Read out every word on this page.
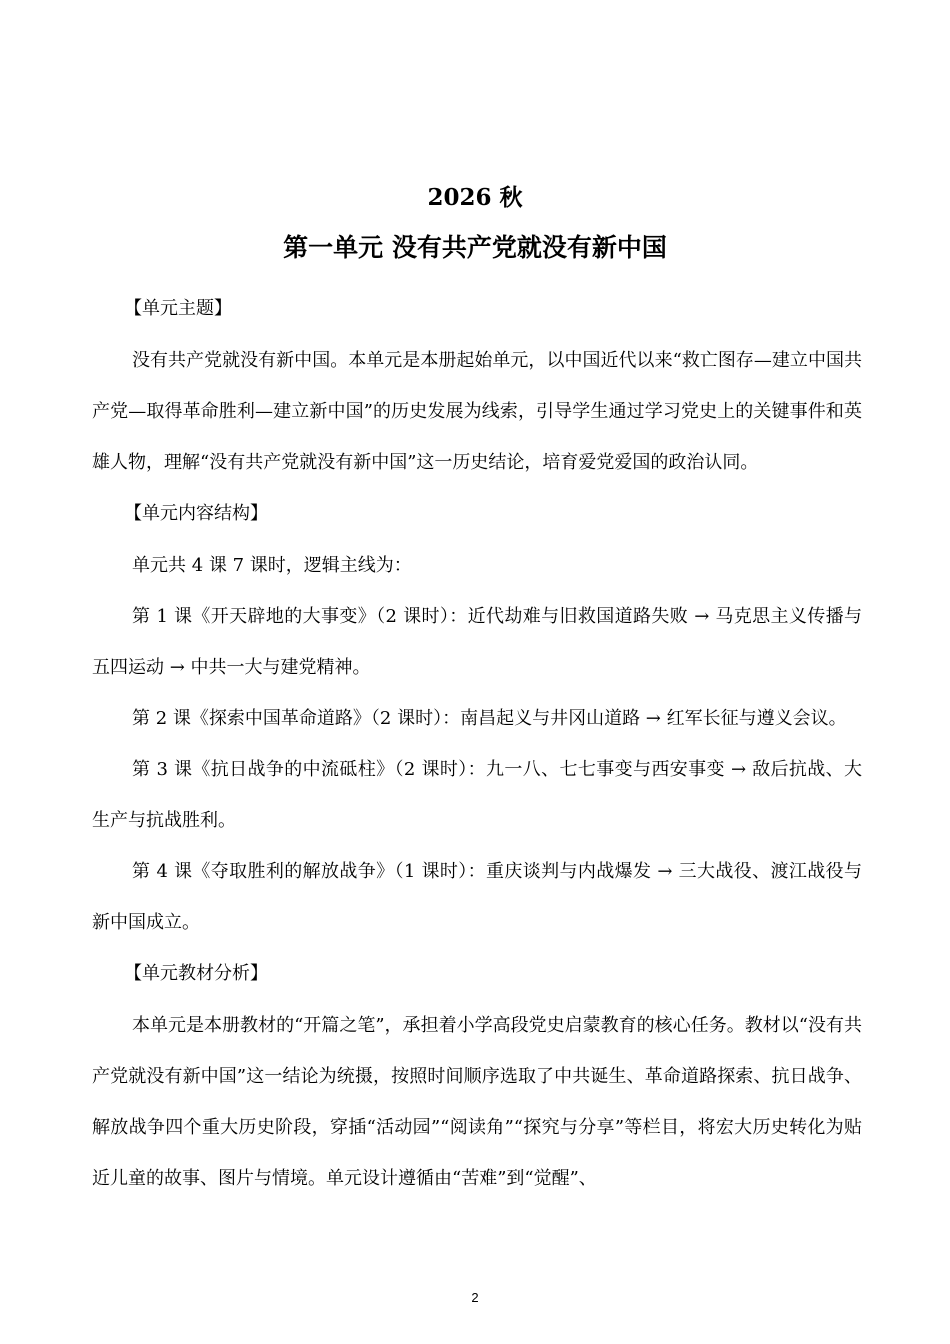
2026 秋
第一单元 没有共产党就没有新中国

【单元主题】

没有共产党就没有新中国。本单元是本册起始单元，以中国近代以来“救亡图存—建立中国共产党—取得革命胜利—建立新中国”的历史发展为线索，引导学生通过学习党史上的关键事件和英雄人物，理解“没有共产党就没有新中国”这一历史结论，培育爱党爱国的政治认同。

【单元内容结构】

单元共 4 课 7 课时，逻辑主线为：

第 1 课《开天辟地的大事变》（2 课时）：近代劫难与旧救国道路失败 → 马克思主义传播与五四运动 → 中共一大与建党精神。

第 2 课《探索中国革命道路》（2 课时）：南昌起义与井冈山道路 → 红军长征与遵义会议。

第 3 课《抗日战争的中流砥柱》（2 课时）：九一八、七七事变与西安事变 → 敌后抗战、大生产与抗战胜利。

第 4 课《夺取胜利的解放战争》（1 课时）：重庆谈判与内战爆发 → 三大战役、渡江战役与新中国成立。

【单元教材分析】

本单元是本册教材的“开篇之笔”，承担着小学高段党史启蒙教育的核心任务。教材以“没有共产党就没有新中国”这一结论为统摄，按照时间顺序选取了中共诞生、革命道路探索、抗日战争、解放战争四个重大历史阶段，穿插“活动园”“阅读角”“探究与分享”等栏目，将宏大历史转化为贴近儿童的故事、图片与情境。单元设计遵循由“苦难”到“觉醒”、

2
